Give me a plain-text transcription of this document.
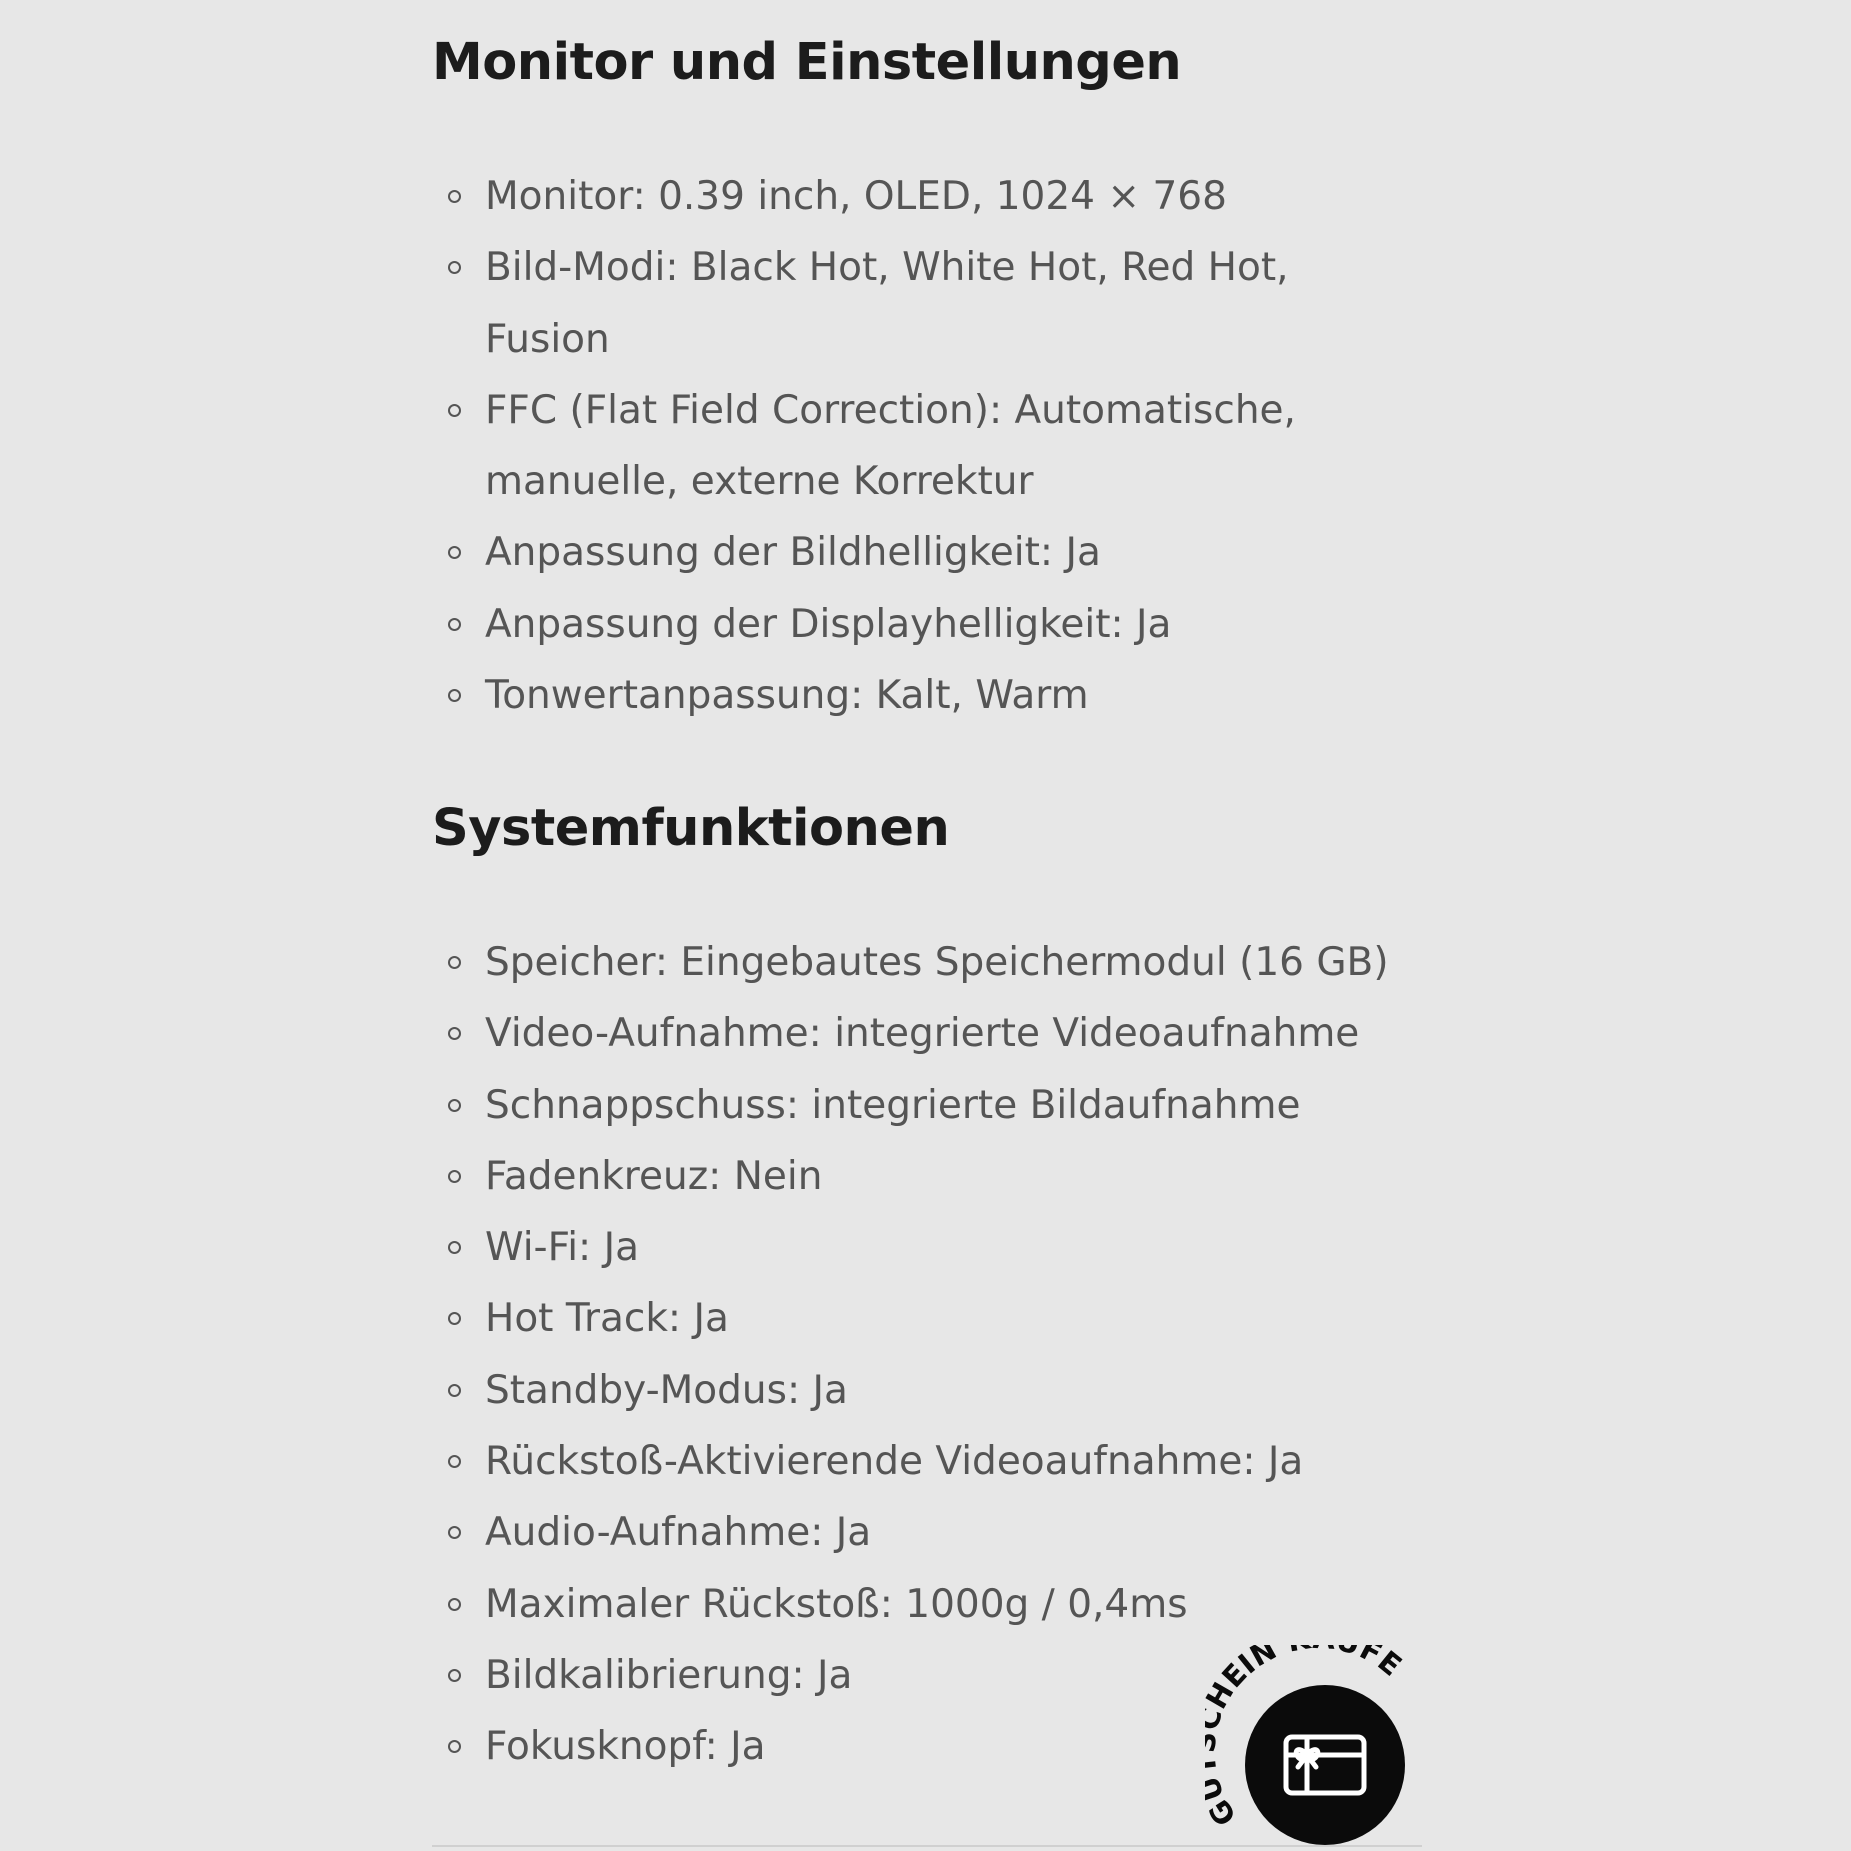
Monitor und Einstellungen
Monitor: 0.39 inch, OLED, 1024 × 768
Bild-Modi: Black Hot, White Hot, Red Hot, Fusion
FFC (Flat Field Correction): Automatische, manuelle, externe Korrektur
Anpassung der Bildhelligkeit: Ja
Anpassung der Displayhelligkeit: Ja
Tonwertanpassung: Kalt, Warm
Systemfunktionen
Speicher: Eingebautes Speichermodul (16 GB)
Video-Aufnahme: integrierte Videoaufnahme
Schnappschuss: integrierte Bildaufnahme
Fadenkreuz: Nein
Wi-Fi: Ja
Hot Track: Ja
Standby-Modus: Ja
Rückstoß-Aktivierende Videoaufnahme: Ja
Audio-Aufnahme: Ja
Maximaler Rückstoß: 1000g / 0,4ms
Bildkalibrierung: Ja
Fokusknopf: Ja
G EIN FE
